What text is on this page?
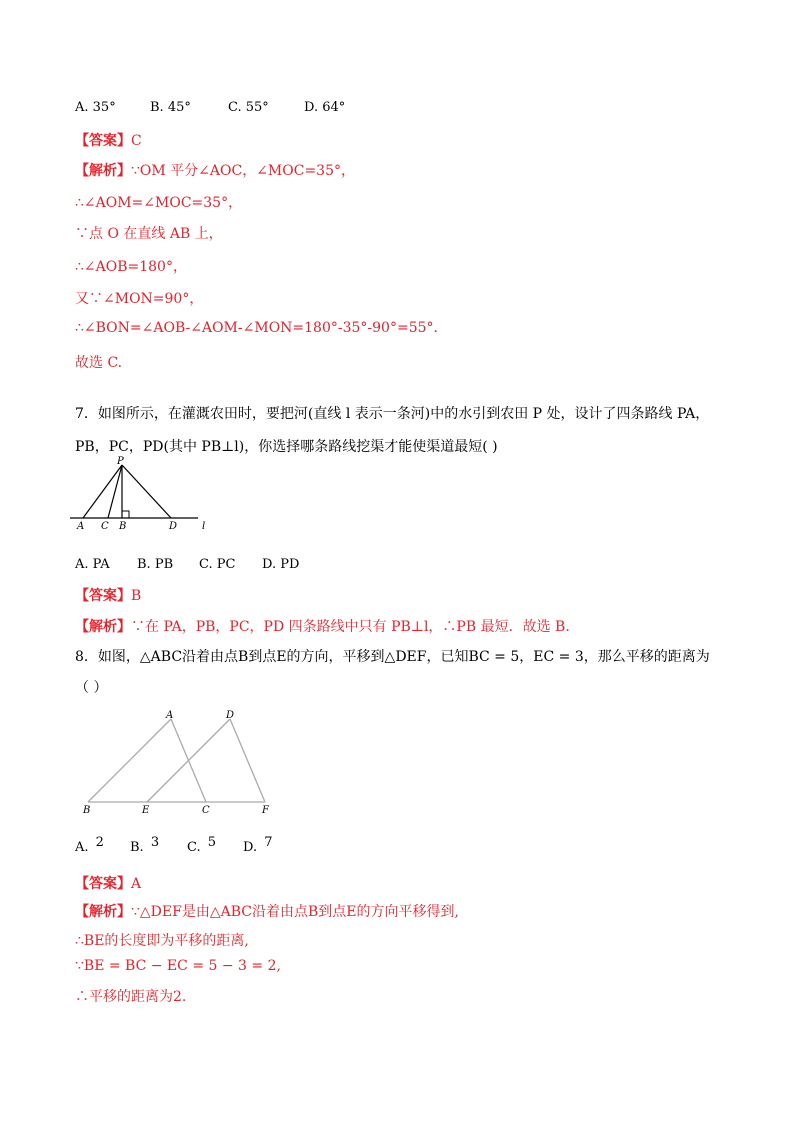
A. 35°	B. 45°	C. 55°	D. 64°
【答案】C
【解析】∵OM 平分∠AOC，∠MOC=35°，
∴∠AOM=∠MOC=35°，
∵点 O 在直线 AB 上，
∴∠AOB=180°，
又∵∠MON=90°，
∴∠BON=∠AOB-∠AOM-∠MON=180°-35°-90°=55°.
故选 C.
7．如图所示，在灌溉农田时，要把河(直线 l 表示一条河)中的水引到农田 P 处，设计了四条路线 PA，
PB，PC，PD(其中 PB⊥l)，你选择哪条路线挖渠才能使渠道最短( )
P
A C B	D l
A. PA B. PB C. PC D. PD
【答案】B
【解析】∵在 PA，PB，PC，PD 四条路线中只有 PB⊥l，∴PB 最短．故选 B.
8．如图，△ABC沿着由点B到点E的方向，平移到△DEF，已知BC = 5，EC = 3，那么平移的距离为
（ ）
A	D
B	E	C	F
A. 2 B. 3 C. 5 D. 7
【答案】A
【解析】∵△DEF是由△ABC沿着由点B到点E的方向平移得到,
∴BE的长度即为平移的距离,
∵BE = BC − EC = 5 − 3 = 2,
∴平移的距离为2.
